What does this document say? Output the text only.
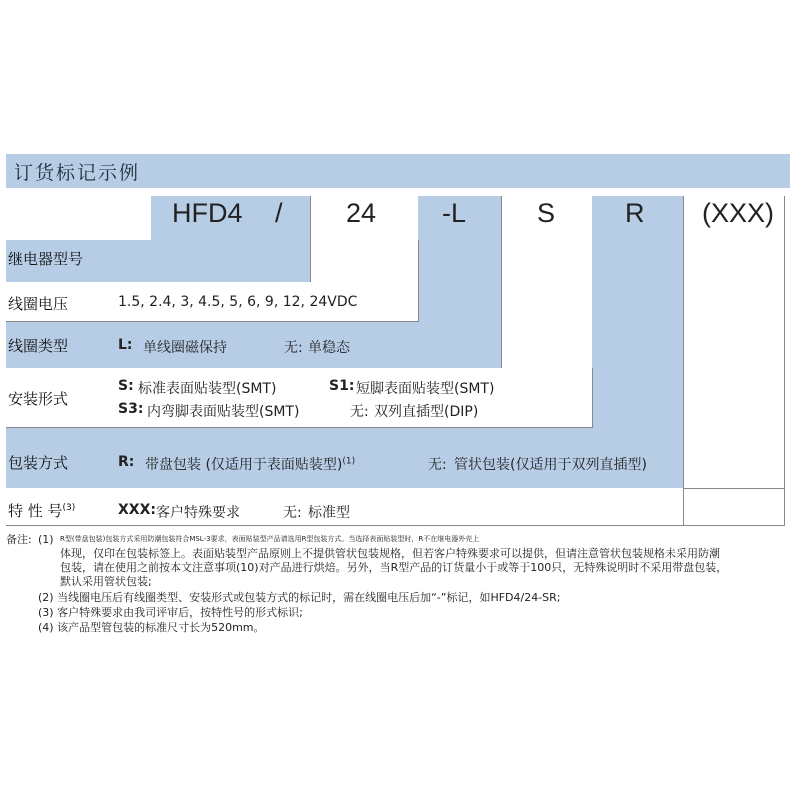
订货标记示例
HFD4 / 24 -L	S	R (XXX)
继电器型号
线圈电压	1.5, 2.4, 3, 4.5, 5, 6, 9, 12, 24VDC
线圈类型	L: 单线圈磁保持	无: 单稳态
安装形式
S: 标准表面贴装型(SMT)	S1: 短脚表面贴装型(SMT)
S3: 内弯脚表面贴装型(SMT)	无: 双列直插型(DIP)
包装方式	R: 带盘包装 (仅适用于表面贴装型)$^{(1)}$	无: 管状包装(仅适用于双列直插型)
特 性 号$^{(3)}$	XXX: 客户特殊要求	无: 标准型
备注: (1) R型(带盘包装)包装方式采用防潮包装符合MSL-3要求，表面贴装型产品请选用R型包装方式。当选择表面贴装型时，R不在继电器外壳上
体现，仅印在包装标签上。表面贴装型产品原则上不提供管状包装规格，但若客户特殊要求可以提供，但请注意管状包装规格未采用防潮
包装，请在使用之前按本文注意事项(10)对产品进行烘焙。另外，当R型产品的订货量小于或等于100只，无特殊说明时不采用带盘包装，
默认采用管状包装;
(2) 当线圈电压后有线圈类型、安装形式或包装方式的标记时，需在线圈电压后加“-”标记，如HFD4/24-SR;
(3) 客户特殊要求由我司评审后，按特性号的形式标识;
(4) 该产品型管包装的标准尺寸长为520mm。
